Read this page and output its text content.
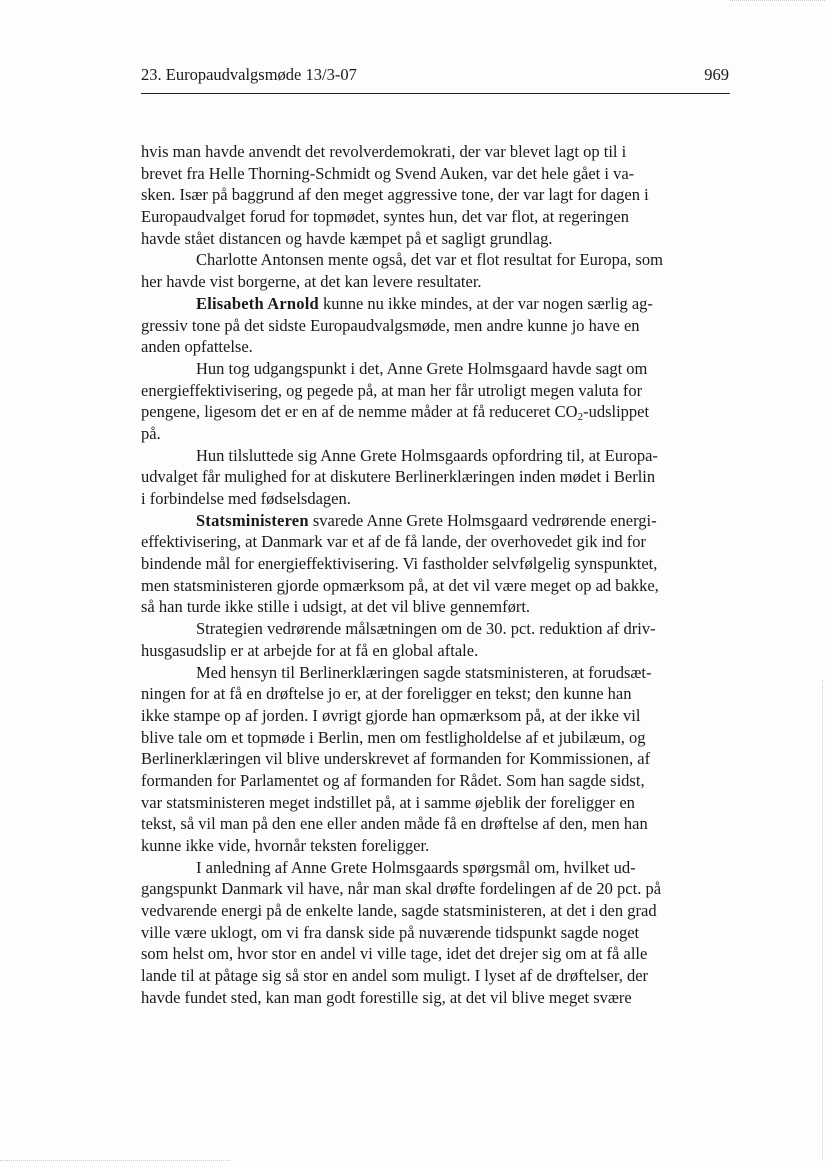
23. Europaudvalgsmøde 13/3-07	969
hvis man havde anvendt det revolverdemokrati, der var blevet lagt op til i
brevet fra Helle Thorning-Schmidt og Svend Auken, var det hele gået i va-
sken. Især på baggrund af den meget aggressive tone, der var lagt for dagen i
Europaudvalget forud for topmødet, syntes hun, det var flot, at regeringen
havde stået distancen og havde kæmpet på et sagligt grundlag.
Charlotte Antonsen mente også, det var et flot resultat for Europa, som
her havde vist borgerne, at det kan levere resultater.
Elisabeth Arnold kunne nu ikke mindes, at der var nogen særlig ag-
gressiv tone på det sidste Europaudvalgsmøde, men andre kunne jo have en
anden opfattelse.
Hun tog udgangspunkt i det, Anne Grete Holmsgaard havde sagt om
energieffektivisering, og pegede på, at man her får utroligt megen valuta for
pengene, ligesom det er en af de nemme måder at få reduceret $CO_2$-udslippet
på.
Hun tilsluttede sig Anne Grete Holmsgaards opfordring til, at Europa-
udvalget får mulighed for at diskutere Berlinerklæringen inden mødet i Berlin
i forbindelse med fødselsdagen.
Statsministeren svarede Anne Grete Holmsgaard vedrørende energi-
effektivisering, at Danmark var et af de få lande, der overhovedet gik ind for
bindende mål for energieffektivisering. Vi fastholder selvfølgelig synspunktet,
men statsministeren gjorde opmærksom på, at det vil være meget op ad bakke,
så han turde ikke stille i udsigt, at det vil blive gennemført.
Strategien vedrørende målsætningen om de 30. pct. reduktion af driv-
husgasudslip er at arbejde for at få en global aftale.
Med hensyn til Berlinerklæringen sagde statsministeren, at forudsæt-
ningen for at få en drøftelse jo er, at der foreligger en tekst; den kunne han
ikke stampe op af jorden. I øvrigt gjorde han opmærksom på, at der ikke vil
blive tale om et topmøde i Berlin, men om festligholdelse af et jubilæum, og
Berlinerklæringen vil blive underskrevet af formanden for Kommissionen, af
formanden for Parlamentet og af formanden for Rådet. Som han sagde sidst,
var statsministeren meget indstillet på, at i samme øjeblik der foreligger en
tekst, så vil man på den ene eller anden måde få en drøftelse af den, men han
kunne ikke vide, hvornår teksten foreligger.
I anledning af Anne Grete Holmsgaards spørgsmål om, hvilket ud-
gangspunkt Danmark vil have, når man skal drøfte fordelingen af de 20 pct. på
vedvarende energi på de enkelte lande, sagde statsministeren, at det i den grad
ville være uklogt, om vi fra dansk side på nuværende tidspunkt sagde noget
som helst om, hvor stor en andel vi ville tage, idet det drejer sig om at få alle
lande til at påtage sig så stor en andel som muligt. I lyset af de drøftelser, der
havde fundet sted, kan man godt forestille sig, at det vil blive meget svære
